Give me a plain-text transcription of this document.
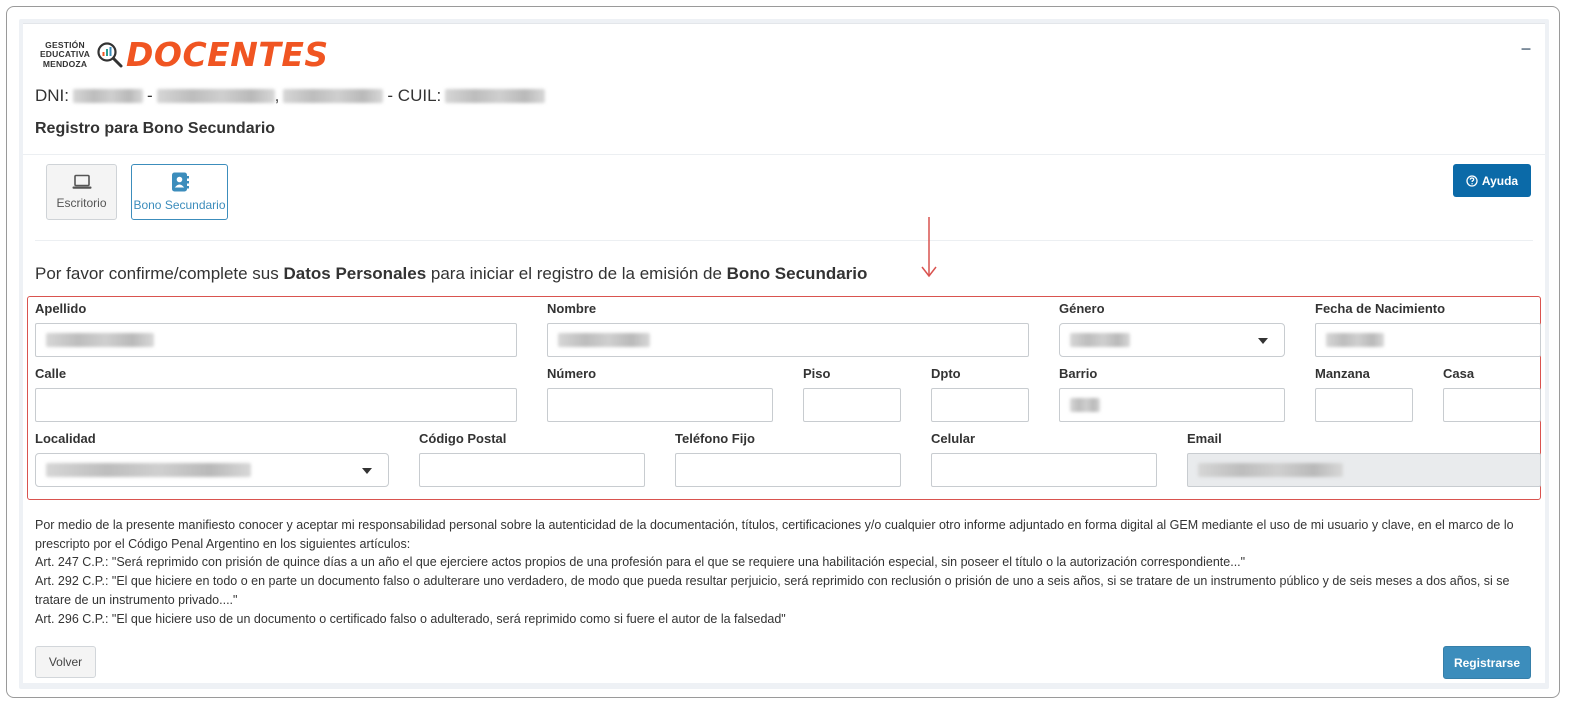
GESTIÓN
EDUCATIVA
MENDOZA DOCENTES	–
DNI:	-	,	- CUIL:
Registro para Bono Secundario
Escritorio Bono Secundario
Ayuda
Por favor confirme/complete sus Datos Personales para iniciar el registro de la emisión de Bono Secundario
Apellido	Nombre	Género	Fecha de Nacimiento
Calle	Número	Piso	Dpto	Barrio	Manzana	Casa
Localidad	Código Postal	Teléfono Fijo	Celular	Email
Por medio de la presente manifiesto conocer y aceptar mi responsabilidad personal sobre la autenticidad de la documentación, títulos, certificaciones y/o cualquier otro informe adjuntado en forma digital al GEM mediante el uso de mi usuario y clave, en el marco de lo prescripto por el Código Penal Argentino en los siguientes artículos:
Art. 247 C.P.: "Será reprimido con prisión de quince días a un año el que ejerciere actos propios de una profesión para el que se requiere una habilitación especial, sin poseer el título o la autorización correspondiente..."
Art. 292 C.P.: "El que hiciere en todo o en parte un documento falso o adulterare uno verdadero, de modo que pueda resultar perjuicio, será reprimido con reclusión o prisión de uno a seis años, si se tratare de un instrumento público y de seis meses a dos años, si se tratare de un instrumento privado...."
Art. 296 C.P.: "El que hiciere uso de un documento o certificado falso o adulterado, será reprimido como si fuere el autor de la falsedad"
Volver	Registrarse
